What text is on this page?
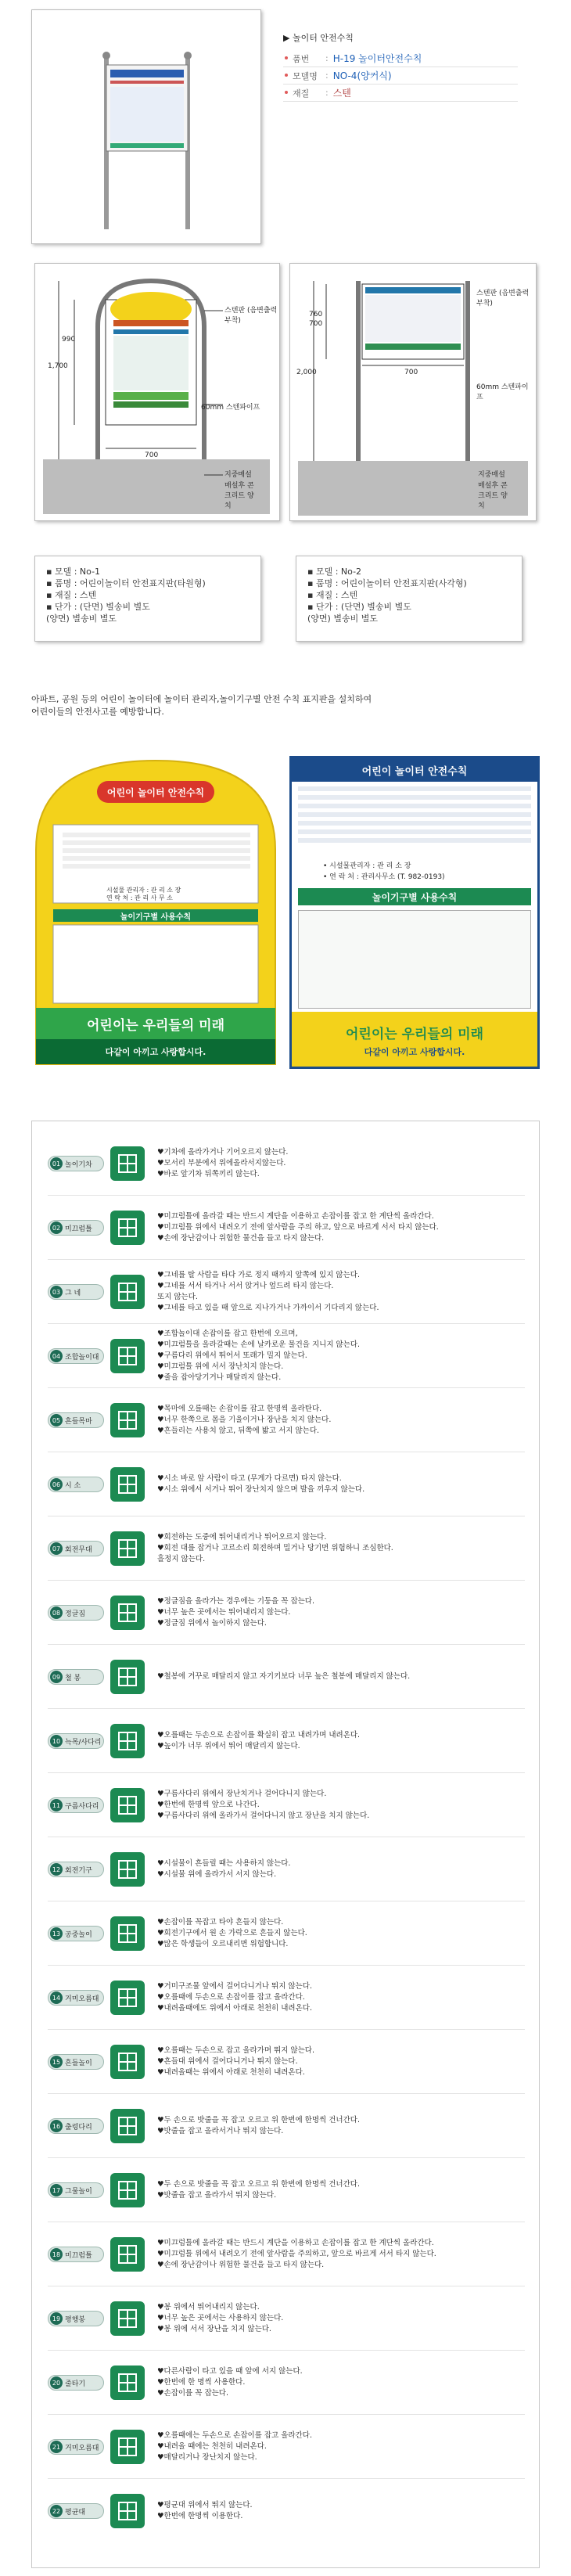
▶ 놀이터 안전수칙
품번	: H-19 놀이터안전수칙
모델명 : NO-4(양커식)
재질	: 스텐
1,700
990
700
스텐판 (음변출력 부착)
60mm 스텐파이프
지중매설
매설후 콘크리트 양 치
2,000
760
700
700
스텐판 (음변출력 부착)
60mm 스텐파이프
지중매설
매설후 콘크리트 양 치

▪ 모델 : No-1

▪ 품명 : 어린이놀이터 안전표지판(타원형)

▪ 재질 : 스텐

▪ 단가 : (단면) 별송비 별도

(양면) 별송비 별도

▪ 모델 : No-2

▪ 품명 : 어린이놀이터 안전표지판(사각형)

▪ 재질 : 스텐

▪ 단가 : (단면) 별송비 별도

(양면) 별송비 별도

아파트, 공원 등의 어린이 놀이터에 놀이터 관리자,놀이기구별 안전 수칙 표지판을 설치하여

어린이들의 안전사고를 예방합니다.

어린이 놀이터 안전수칙
놀이기구별 사용수칙
시설물 관리자 : 관 리 소 장
연 락 처 : 관 리 사 무 소
어린이는 우리들의 미래
다같이 아끼고 사랑합시다.
어린이 놀이터 안전수칙
• 시설물관리자 : 관 리 소 장
• 연 락 처 : 관리사무소 (T. 982-0193)
놀이기구별 사용수칙
어린이는 우리들의 미래
다같이 아끼고 사랑합시다.
01 놀이기차

♥기차에 올라가거나 기어오르지 않는다.

♥모서리 부분에서 위에올라서지않는다.

♥바로 앞기차 뒤쪽끼리 않는다.

02 미끄럼틀

♥미끄럼틀에 올라갈 때는 반드시 계단을 이용하고 손잡이를 잡고 한 계단씩 올라간다.

♥미끄럼틀 위에서 내려오기 전에 앞사람을 주의 하고, 앞으로 바르게 서서 타지 않는다.

♥손에 장난감이나 위험한 물건을 들고 타지 않는다.

03 그 네

♥그네를 탈 사람을 타다 가로 정지 때까지 앞쪽에 있지 않는다.

♥그네를 서서 타거나 서서 앉거나 엎드려 타지 않는다.

또지 않는다.

♥그네를 타고 있을 때 앞으로 지나가거나 가까이서 기다리지 않는다.

04 조합놀이대

♥조합놀이대 손잡이를 잡고 한번에 오르며,

♥미끄럼틀을 올라갈때는 손에 날카로운 물건을 지니지 않는다.

♥구름다리 위에서 뛰어서 또래가 밀지 않는다.

♥미끄럼틀 위에 서서 장난치지 않는다.

♥줄을 잡아당기거나 매달리지 않는다.

05 흔들목마

♥목마에 오를때는 손잡이를 잡고 한명씩 올라탄다.

♥너무 한쪽으로 몸을 기울이거나 장난을 치지 않는다.

♥흔들리는 사용치 않고, 뒤쪽에 밟고 서지 않는다.

06 시 소

♥시소 바로 앞 사람이 타고 (무게가 다르면) 타지 않는다.

♥시소 위에서 서거나 뛰어 장난치지 않으며 발을 끼우지 않는다.

07 회전무대

♥회전하는 도중에 뛰어내리거나 뛰어오르지 않는다.

♥회전 대를 잡거나 고르소리 회전하며 밀거나 당기면 위험하니 조심한다.

흘정지 않는다.

08 정글짐

♥정글짐을 올라가는 경우에는 기둥을 꼭 잡는다.

♥너무 높은 곳에서는 뛰어내리지 않는다.

♥정글짐 위에서 놀이하지 않는다.

09 철 봉	♥철봉에 거꾸로 매달리지 않고 자기키보다 너무 높은 철봉에 매달리지 않는다.

10 늑목/사다리

♥오를때는 두손으로 손잡이를 확실히 잡고 내려가며 내려온다.

♥높이가 너무 위에서 뛰어 매달리지 않는다.

11 구름사다리

♥구름사다리 위에서 장난치거나 걸어다니지 않는다.

♥한번에 한명씩 앞으로 나간다.

♥구름사다리 위에 올라가서 걸어다니지 않고 장난을 치지 않는다.

12 회전기구

♥시설물이 흔들릴 때는 사용하지 않는다.

♥시설물 위에 올라가서 서지 않는다.

13 공중놀이

♥손잡이를 꼭잡고 타야 흔들지 않는다.

♥회전기구에서 원 손 가락으로 흔들지 않는다.

♥많은 학생들이 오르내리면 위험합니다.

14 거미오름대

♥거미구조물 앞에서 걸어다니거나 뛰지 않는다.

♥오를때에 두손으로 손잡이를 잡고 올라간다.

♥내려올때에도 위에서 아래로 천천히 내려온다.

15 흔들놀이

♥오를때는 두손으로 잡고 올라가며 뛰지 않는다.

♥흔들대 위에서 걸어다니거나 뛰지 않는다.

♥내려올때는 위에서 아래로 천천히 내려온다.

16 출렁다리

♥두 손으로 밧줄을 꼭 잡고 오르고 위 한번에 한명씩 건너간다.

♥밧줄을 잡고 올라서거나 뛰지 않는다.

17 그물놀이

♥두 손으로 밧줄을 꼭 잡고 오르고 위 한번에 한명씩 건너간다.

♥밧줄을 잡고 올라가서 뛰지 않는다.

18 미끄럼틀

♥미끄럼틀에 올라갈 때는 반드시 계단을 이용하고 손잡이를 잡고 한 계단씩 올라간다.

♥미끄럼틀 위에서 내려오기 전에 앞사람을 주의하고, 앞으로 바르게 서서 타지 않는다.

♥손에 장난감이나 위험한 물건을 들고 타지 않는다.

19 평행봉

♥봉 위에서 뛰어내리지 않는다.

♥너무 높은 곳에서는 사용하지 않는다.

♥봉 위에 서서 장난을 치지 않는다.

20 줄타기

♥다른사람이 타고 있을 때 앞에 서지 않는다.

♥한번에 한 명씩 사용한다.

♥손잡이를 꼭 잡는다.

21 거미오름대

♥오를때에는 두손으로 손잡이를 잡고 올라간다.

♥내려올 때에는 천천히 내려온다.

♥매달리거나 장난치지 않는다.

22 평균대

♥평균대 위에서 뛰지 않는다.

♥한번에 한명씩 이용한다.
